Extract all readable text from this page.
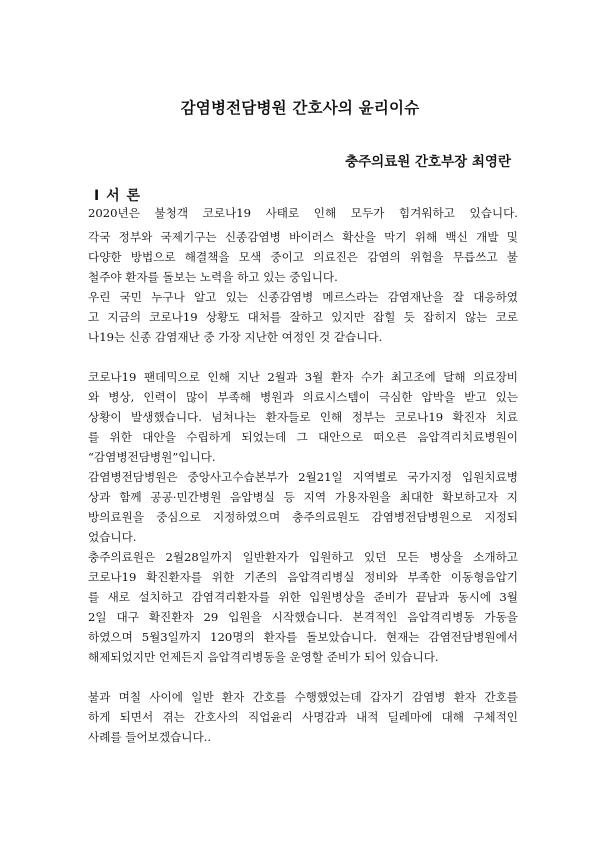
감염병전담병원 간호사의 윤리이슈
충주의료원 간호부장 최영란
Ⅰ 서 론
2020년은 불청객 코로나19 사태로 인해 모두가 힘겨워하고 있습니다.
각국 정부와 국제기구는 신종감염병 바이러스 확산을 막기 위해 백신 개발 및
다양한 방법으로 해결책을 모색 중이고 의료진은 감염의 위험을 무릅쓰고 불
철주야 환자를 돌보는 노력을 하고 있는 중입니다.
우린 국민 누구나 알고 있는 신종감염병 메르스라는 감염재난을 잘 대응하였
고 지금의 코로나19 상황도 대처를 잘하고 있지만 잡힐 듯 잡히지 않는 코로
나19는 신종 감염재난 중 가장 지난한 여정인 것 같습니다.
코로나19 팬데믹으로 인해 지난 2월과 3월 환자 수가 최고조에 달해 의료장비
와 병상, 인력이 많이 부족해 병원과 의료시스템이 극심한 압박을 받고 있는
상황이 발생했습니다. 넘쳐나는 환자들로 인해 정부는 코로나19 확진자 치료
를 위한 대안을 수립하게 되었는데 그 대안으로 떠오른 음압격리치료병원이
“감염병전담병원”입니다.
감염병전담병원은 중앙사고수습본부가 2월21일 지역별로 국가지정 입원치료병
상과 함께 공공·민간병원 음압병실 등 지역 가용자원을 최대한 확보하고자 지
방의료원을 중심으로 지정하였으며 충주의료원도 감염병전담병원으로 지정되
었습니다.
충주의료원은 2월28일까지 일반환자가 입원하고 있던 모든 병상을 소개하고
코로나19 확진환자를 위한 기존의 음압격리병실 정비와 부족한 이동형음압기
를 새로 설치하고 감염격리환자를 위한 입원병상을 준비가 끝남과 동시에 3월
2일 대구 확진환자 29 입원을 시작했습니다. 본격적인 음압격리병동 가동을
하였으며 5월3일까지 120명의 환자를 돌보았습니다. 현재는 감염전담병원에서
해제되었지만 언제든지 음압격리병동을 운영할 준비가 되어 있습니다.
불과 며칠 사이에 일반 환자 간호를 수행했었는데 갑자기 감염병 환자 간호를
하게 되면서 겪는 간호사의 직업윤리 사명감과 내적 딜레마에 대해 구체적인
사례를 들어보겠습니다..
